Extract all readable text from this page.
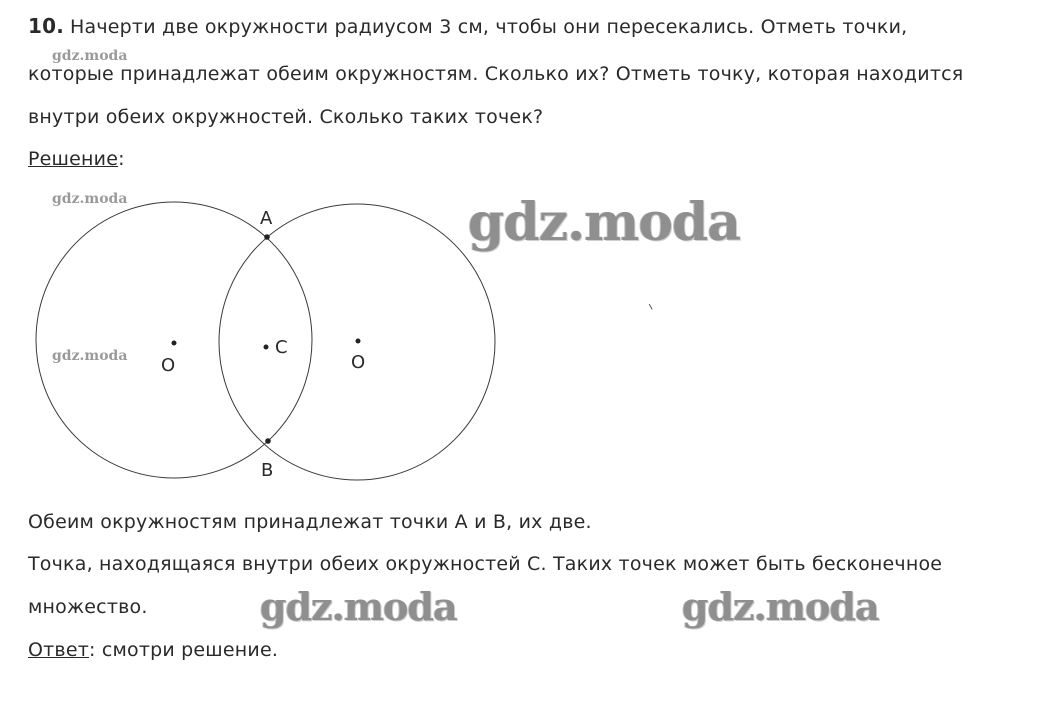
10. Начерти две окружности радиусом 3 см, чтобы они пересекались. Отметь точки,
которые принадлежат обеим окружностям. Сколько их? Отметь точку, которая находится
внутри обеих окружностей. Сколько таких точек?
Решение:
gdz.moda
gdz.moda
gdz.moda
A
B
C
O	O
gdz.moda
Обеим окружностям принадлежат точки А и В, их две.
Точка, находящаяся внутри обеих окружностей С. Таких точек может быть бесконечное
множество.	gdz.moda	gdz.moda
Ответ: смотри решение.
